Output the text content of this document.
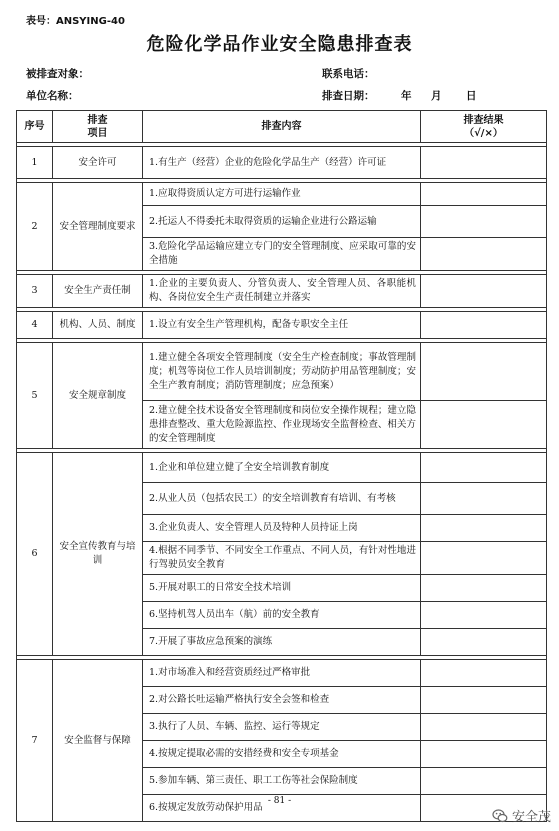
表号：ANSYING-40
危险化学品作业安全隐患排查表
被排查对象：	联系电话：
单位名称：	排查日期：	年 月 日
序号	排查
项目	排查内容	排查结果
（√/×）

1	安全许可	1.有生产（经营）企业的危险化学品生产（经营）许可证	

2	安全管理制度要求	1.应取得资质认定方可进行运输作业	
		2.托运人不得委托未取得资质的运输企业进行公路运输	
		3.危险化学品运输应建立专门的安全管理制度、应采取可靠的安全措施	

3	安全生产责任制	1.企业的主要负责人、分管负责人、安全管理人员、各职能机构、各岗位安全生产责任制建立并落实	

4	机构、人员、制度	1.设立有安全生产管理机构，配备专职安全主任	

5	安全规章制度	1.建立健全各项安全管理制度（安全生产检查制度；事故管理制度；机驾等岗位工作人员培训制度；劳动防护用品管理制度；安全生产教育制度；消防管理制度；应急预案）	
		2.建立健全技术设备安全管理制度和岗位安全操作规程；建立隐患排查整改、重大危险源监控、作业现场安全监督检查、相关方的安全管理制度	

6	安全宣传教育与培训	1.企业和单位建立健了全安全培训教育制度	
		2.从业人员（包括农民工）的安全培训教育有培训、有考核	
		3.企业负责人、安全管理人员及特种人员持证上岗	
		4.根据不同季节、不同安全工作重点、不同人员，有针对性地进行驾驶员安全教育	
		5.开展对职工的日常安全技术培训	
		6.坚持机驾人员出车（航）前的安全教育	
		7.开展了事故应急预案的演练	

7	安全监督与保障	1.对市场准入和经营资质经过严格审批	
		2.对公路长吐运输严格执行安全会签和检查	
		3.执行了人员、车辆、监控、运行等规定	
		4.按规定提取必需的安措经费和安全专项基金	
		5.参加车辆、第三责任、职工工伤等社会保险制度	
		6.按规定发放劳动保护用品	
- 81 -
安全茂
